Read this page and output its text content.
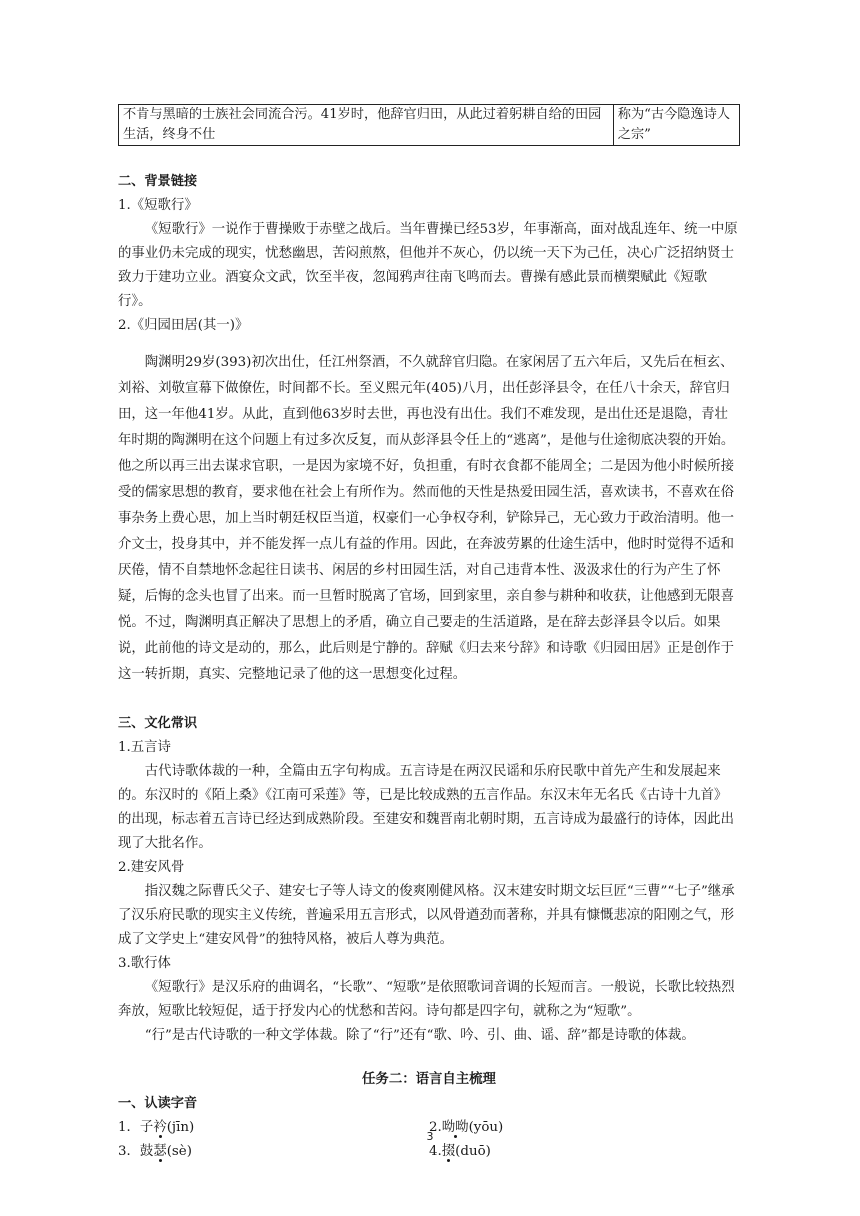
不肯与黑暗的士族社会同流合污。41岁时，他辞官归田，从此过着躬耕自给的田园生活，终身不仕	称为“古今隐逸诗人之宗”

二、背景链接

1.《短歌行》

《短歌行》一说作于曹操败于赤壁之战后。当年曹操已经53岁，年事渐高，面对战乱连年、统一中原的事业仍未完成的现实，忧愁幽思，苦闷煎熬，但他并不灰心，仍以统一天下为己任，决心广泛招纳贤士致力于建功立业。酒宴众文武，饮至半夜，忽闻鸦声往南飞鸣而去。曹操有感此景而横槊赋此《短歌行》。

2.《归园田居(其一)》

陶渊明29岁(393)初次出仕，任江州祭酒，不久就辞官归隐。在家闲居了五六年后，又先后在桓玄、刘裕、刘敬宣幕下做僚佐，时间都不长。至义熙元年(405)八月，出任彭泽县令，在任八十余天，辞官归田，这一年他41岁。从此，直到他63岁时去世，再也没有出仕。我们不难发现，是出仕还是退隐，青壮年时期的陶渊明在这个问题上有过多次反复，而从彭泽县令任上的“逃离”，是他与仕途彻底决裂的开始。他之所以再三出去谋求官职，一是因为家境不好，负担重，有时衣食都不能周全；二是因为他小时候所接受的儒家思想的教育，要求他在社会上有所作为。然而他的天性是热爱田园生活，喜欢读书，不喜欢在俗事杂务上费心思，加上当时朝廷权臣当道，权豪们一心争权夺利，铲除异己，无心致力于政治清明。他一介文士，投身其中，并不能发挥一点儿有益的作用。因此，在奔波劳累的仕途生活中，他时时觉得不适和厌倦，情不自禁地怀念起往日读书、闲居的乡村田园生活，对自己违背本性、汲汲求仕的行为产生了怀疑，后悔的念头也冒了出来。而一旦暂时脱离了官场，回到家里，亲自参与耕种和收获，让他感到无限喜悦。不过，陶渊明真正解决了思想上的矛盾，确立自己要走的生活道路，是在辞去彭泽县令以后。如果说，此前他的诗文是动的，那么，此后则是宁静的。辞赋《归去来兮辞》和诗歌《归园田居》正是创作于这一转折期，真实、完整地记录了他的这一思想变化过程。

三、文化常识

1.五言诗

古代诗歌体裁的一种，全篇由五字句构成。五言诗是在两汉民谣和乐府民歌中首先产生和发展起来的。东汉时的《陌上桑》《江南可采莲》等，已是比较成熟的五言作品。东汉末年无名氏《古诗十九首》的出现，标志着五言诗已经达到成熟阶段。至建安和魏晋南北朝时期，五言诗成为最盛行的诗体，因此出现了大批名作。

2.建安风骨

指汉魏之际曹氏父子、建安七子等人诗文的俊爽刚健风格。汉末建安时期文坛巨匠“三曹”“七子”继承了汉乐府民歌的现实主义传统，普遍采用五言形式，以风骨遒劲而著称，并具有慷慨悲凉的阳刚之气，形成了文学史上“建安风骨”的独特风格，被后人尊为典范。

3.歌行体

《短歌行》是汉乐府的曲调名，“长歌”、“短歌”是依照歌词音调的长短而言。一般说，长歌比较热烈奔放，短歌比较短促，适于抒发内心的忧愁和苦闷。诗句都是四字句，就称之为“短歌”。

“行”是古代诗歌的一种文学体裁。除了“行”还有“歌、吟、引、曲、谣、辞”都是诗歌的体裁。

任务二：语言自主梳理

一、认读字音

1．子衿(jīn)	2.呦呦(yōu)
3．鼓瑟(sè)	4.掇(duō)
3
